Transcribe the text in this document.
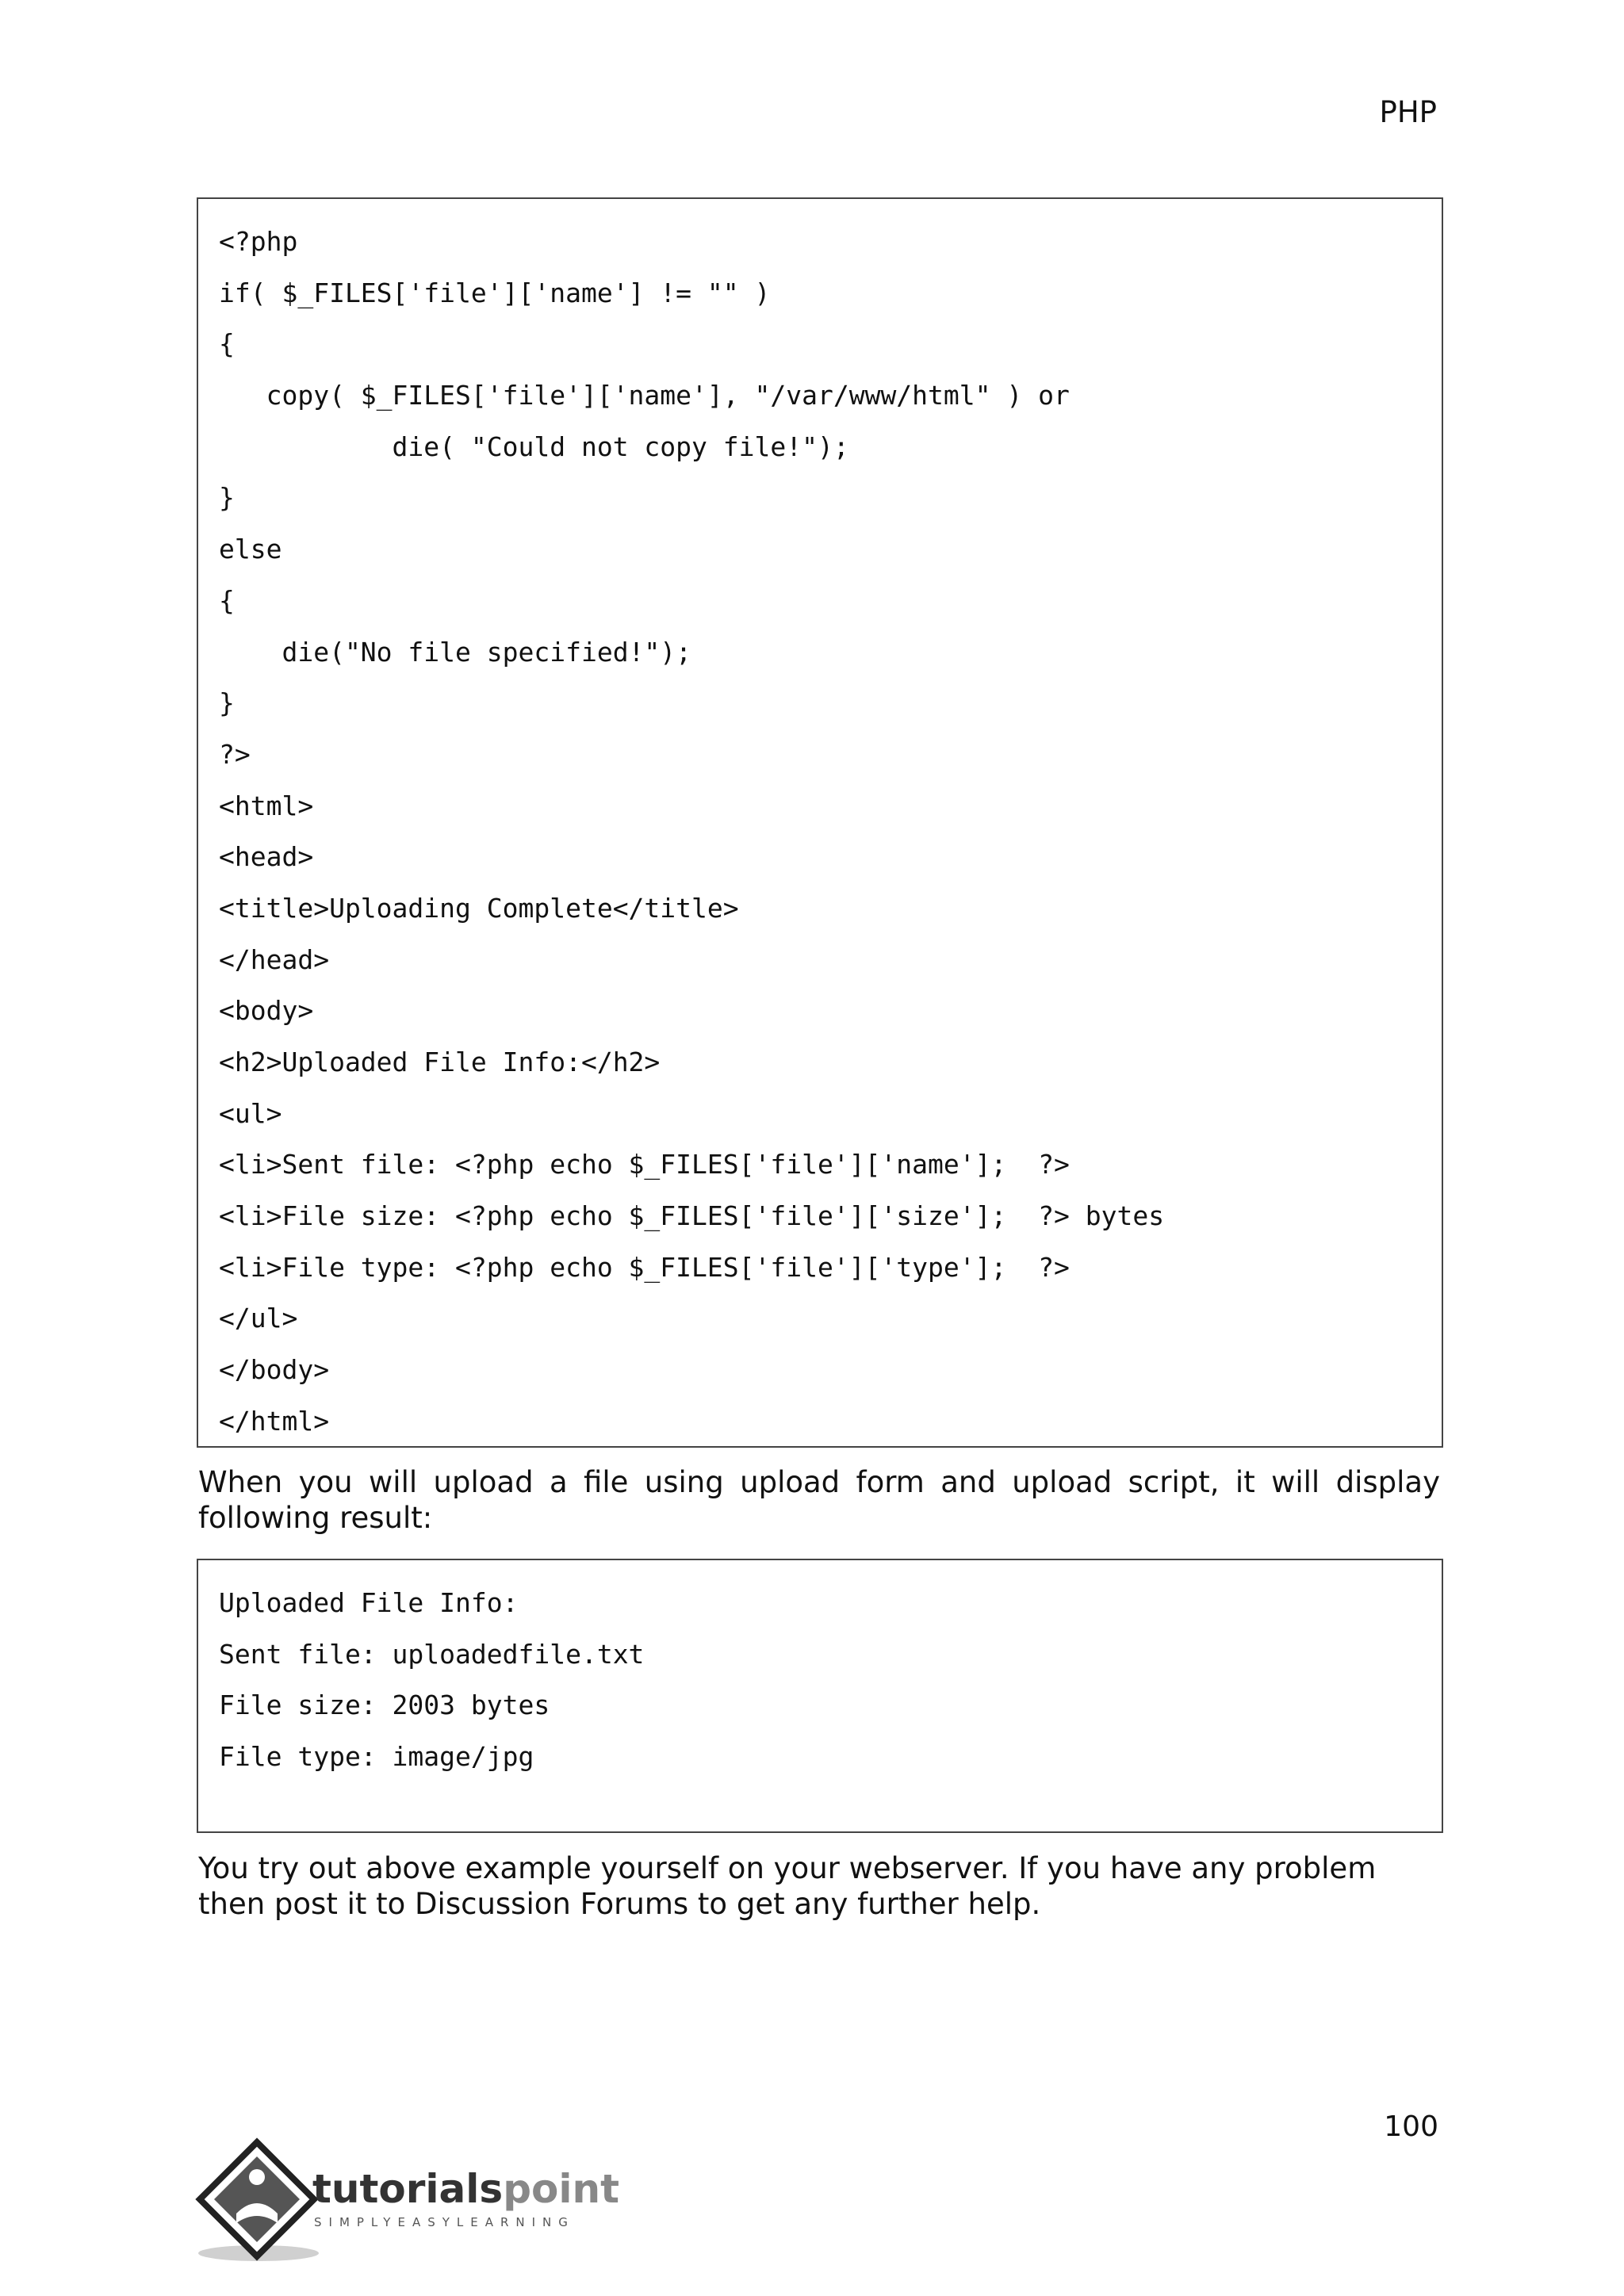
PHP
<?php
if( $_FILES['file']['name'] != "" )
{
copy( $_FILES['file']['name'], "/var/www/html" ) or
die( "Could not copy file!");
}
else
{
die("No file specified!");
}
?>
<html>
<head>
<title>Uploading Complete</title>
</head>
<body>
<h2>Uploaded File Info:</h2>
<ul>
<li>Sent file: <?php echo $_FILES['file']['name'];  ?>
<li>File size: <?php echo $_FILES['file']['size'];  ?> bytes
<li>File type: <?php echo $_FILES['file']['type'];  ?>
</ul>
</body>
</html>
When you will upload a file using upload form and upload script, it will display following result:
Uploaded File Info:
Sent file: uploadedfile.txt
File size: 2003 bytes
File type: image/jpg
You try out above example yourself on your webserver. If you have any problem then post it to Discussion Forums to get any further help.
100
tutorialspoint
SIMPLYEASYLEARNING
